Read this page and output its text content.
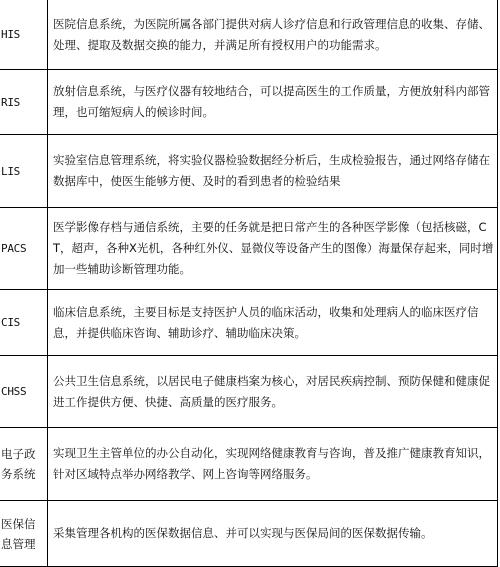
HIS	医院信息系统，为医院所属各部门提供对病人诊疗信息和行政管理信息的收集、存储、处理、提取及数据交换的能力，并满足所有授权用户的功能需求。
RIS	放射信息系统，与医疗仪器有较地结合，可以提高医生的工作质量，方便放射科内部管理，也可缩短病人的候诊时间。
LIS	实验室信息管理系统，将实验仪器检验数据经分析后，生成检验报告，通过网络存储在数据库中，使医生能够方便、及时的看到患者的检验结果
PACS	医学影像存档与通信系统，主要的任务就是把日常产生的各种医学影像（包括核磁，CT，超声，各种X光机，各种红外仪、显微仪等设备产生的图像）海量保存起来，同时增加一些辅助诊断管理功能。
CIS	临床信息系统，主要目标是支持医护人员的临床活动，收集和处理病人的临床医疗信息，并提供临床咨询、辅助诊疗、辅助临床决策。
CHSS	公共卫生信息系统，以居民电子健康档案为核心，对居民疾病控制、预防保健和健康促进工作提供方便、快捷、高质量的医疗服务。
电子政务系统	实现卫生主管单位的办公自动化，实现网络健康教育与咨询，普及推广健康教育知识，针对区域特点举办网络教学、网上咨询等网络服务。
医保信息管理	采集管理各机构的医保数据信息、并可以实现与医保局间的医保数据传输。
